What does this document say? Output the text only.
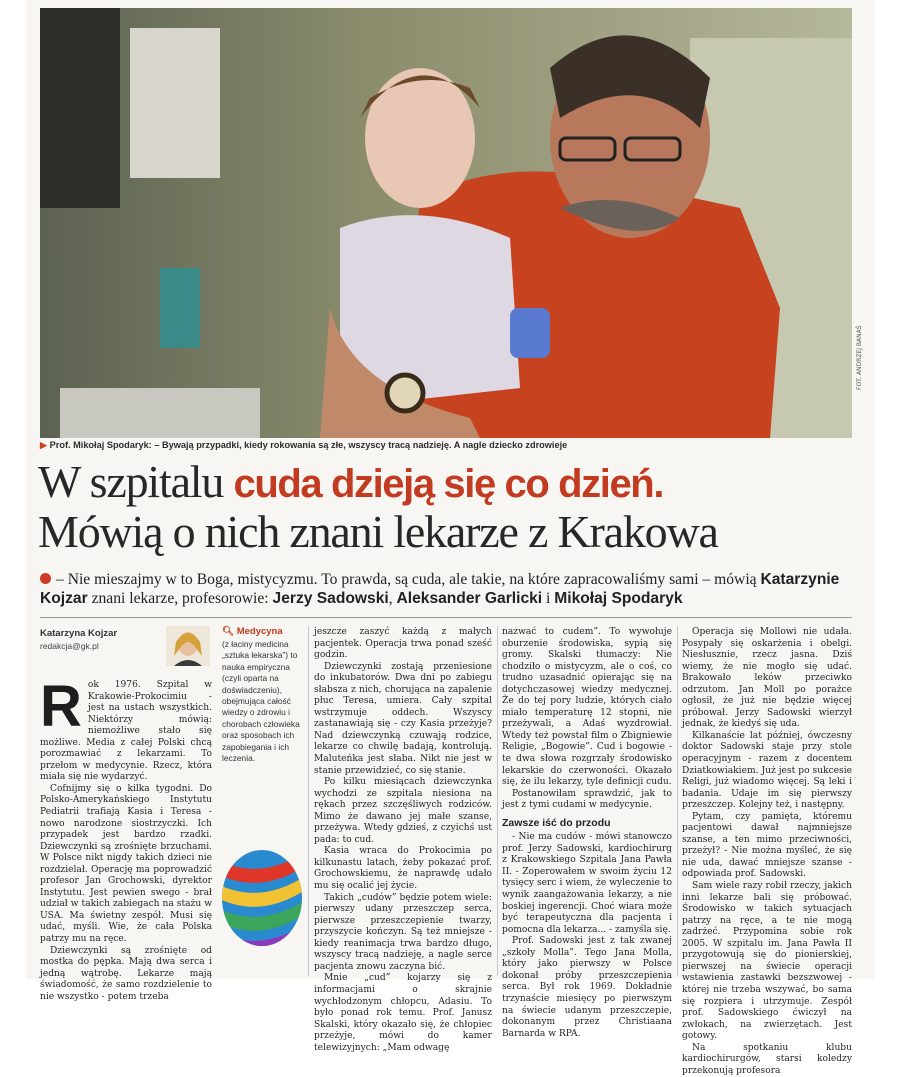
FOT. ANDRZEJ BANAŚ
▶ Prof. Mikołaj Spodaryk: – Bywają przypadki, kiedy rokowania są złe, wszyscy tracą nadzieję. A nagle dziecko zdrowieje
W szpitalu cuda dzieją się co dzień.
Mówią o nich znani lekarze z Krakowa
– Nie mieszajmy w to Boga, mistycyzmu. To prawda, są cuda, ale takie, na które zapracowaliśmy sami – mówią Katarzynie Kojzar znani lekarze, profesorowie: Jerzy Sadowski, Aleksander Garlicki i Mikołaj Spodaryk
Katarzyna Kojzar
redakcja@gk.pl

Rok 1976. Szpital w Krakowie-Prokocimiu - jest na ustach wszystkich. Niektórzy mówią: niemożliwe stało się możliwe. Media z całej Polski chcą porozmawiać z lekarzami. To przełom w medycynie. Rzecz, która miała się nie wydarzyć.

Cofnijmy się o kilka tygodni. Do Polsko-Amerykańskiego Instytutu Pediatrii trafiają Kasia i Teresa - nowo narodzone siostrzyczki. Ich przypadek jest bardzo rzadki. Dziewczynki są zrośnięte brzuchami. W Polsce nikt nigdy takich dzieci nie rozdzielał. Operację ma poprowadzić profesor Jan Grochowski, dyrektor Instytutu. Jest pewien swego - brał udział w takich zabiegach na stażu w USA. Ma świetny zespół. Musi się udać, myśli. Wie, że cała Polska patrzy mu na ręce.

Dziewczynki są zrośnięte od mostka do pępka. Mają dwa serca i jedną wątrobę. Lekarze mają świadomość, że samo rozdzielenie to nie wszystko - potem trzeba

🔍︎ Medycyna
(z łaciny medicina „sztuka lekarska”) to nauka empiryczna (czyli oparta na doświadczeniu), obejmująca całość wiedzy o zdrowiu i chorobach człowieka oraz sposobach ich zapobiegania i ich leczenia.

jeszcze zaszyć każdą z małych pacjentek. Operacja trwa ponad sześć godzin.

Dziewczynki zostają przeniesione do inkubatorów. Dwa dni po zabiegu słabsza z nich, chorująca na zapalenie płuc Teresa, umiera. Cały szpital wstrzymuje oddech. Wszyscy zastanawiają się - czy Kasia przeżyje? Nad dziewczynką czuwają rodzice, lekarze co chwilę badają, kontrolują. Maluteńka jest słaba. Nikt nie jest w stanie przewidzieć, co się stanie.

Po kilku miesiącach dziewczynka wychodzi ze szpitala niesiona na rękach przez szczęśliwych rodziców. Mimo że dawano jej małe szanse, przeżywa. Wtedy gdzieś, z czyichś ust pada: to cud.

Kasia wraca do Prokocimia po kilkunastu latach, żeby pokazać prof. Grochowskiemu, że naprawdę udało mu się ocalić jej życie.

Takich „cudów” będzie potem wiele: pierwszy udany przeszczep serca, pierwsze przeszczepienie twarzy, przyszycie kończyn. Są też mniejsze - kiedy reanimacja trwa bardzo długo, wszyscy tracą nadzieję, a nagle serce pacjenta znowu zaczyna bić.

Mnie „cud” kojarzy się z informacjami o skrajnie wychłodzonym chłopcu, Adasiu. To było ponad rok temu. Prof. Janusz Skalski, który okazało się, że chłopiec przeżyje, mówi do kamer telewizyjnych: „Mam odwagę

nazwać to cudem”. To wywołuje oburzenie środowiska, sypią się gromy. Skalski tłumaczy: Nie chodziło o mistycyzm, ale o coś, co trudno uzasadnić opierając się na dotychczasowej wiedzy medycznej. Że do tej pory ludzie, których ciało miało temperaturę 12 stopni, nie przeżywali, a Adaś wyzdrowiał. Wtedy też powstał film o Zbigniewie Religie, „Bogowie”. Cud i bogowie - te dwa słowa rozgrzały środowisko lekarskie do czerwoności. Okazało się, że ilu lekarzy, tyle definicji cudu.

Postanowiłam sprawdzić, jak to jest z tymi cudami w medycynie.

Zawsze iść do przodu

- Nie ma cudów - mówi stanowczo prof. Jerzy Sadowski, kardiochirurg z Krakowskiego Szpitala Jana Pawła II. - Zoperowałem w swoim życiu 12 tysięcy serc i wiem, że wyleczenie to wynik zaangażowania lekarzy, a nie boskiej ingerencji. Choć wiara może być terapeutyczna dla pacjenta i pomocna dla lekarza... - zamyśla się.

Prof. Sadowski jest z tak zwanej „szkoły Molla”. Tego Jana Molla, który jako pierwszy w Polsce dokonał próby przeszczepienia serca. Był rok 1969. Dokładnie trzynaście miesięcy po pierwszym na świecie udanym przeszczepie, dokonanym przez Christiaana Barnarda w RPA.

Operacja się Mollowi nie udała. Posypały się oskarżenia i obelgi. Niesłusznie, rzecz jasna. Dziś wiemy, że nie mogło się udać. Brakowało leków przeciwko odrzutom. Jan Moll po porażce ogłosił, że już nie będzie więcej próbował. Jerzy Sadowski wierzył jednak, że kiedyś się uda.

Kilkanaście lat później, ówczesny doktor Sadowski staje przy stole operacyjnym - razem z docentem Dziatkowiakiem. Już jest po sukcesie Religi, już wiadomo więcej. Są leki i badania. Udaje im się pierwszy przeszczep. Kolejny też, i następny.

Pytam, czy pamięta, któremu pacjentowi dawał najmniejsze szanse, a ten mimo przeciwności, przeżył? - Nie można myśleć, że się nie uda, dawać mniejsze szanse - odpowiada prof. Sadowski.

Sam wiele razy robił rzeczy, jakich inni lekarze bali się próbować. Środowisko w takich sytuacjach patrzy na ręce, a te nie mogą zadrżeć. Przypomina sobie rok 2005. W szpitalu im. Jana Pawła II przygotowują się do pionierskiej, pierwszej na świecie operacji wstawienia zastawki bezszwowej - której nie trzeba wszywać, bo sama się rozpiera i utrzymuje. Zespół prof. Sadowskiego ćwiczył na zwłokach, na zwierzętach. Jest gotowy.

Na spotkaniu klubu kardiochirurgów, starsi koledzy przekonują profesora
